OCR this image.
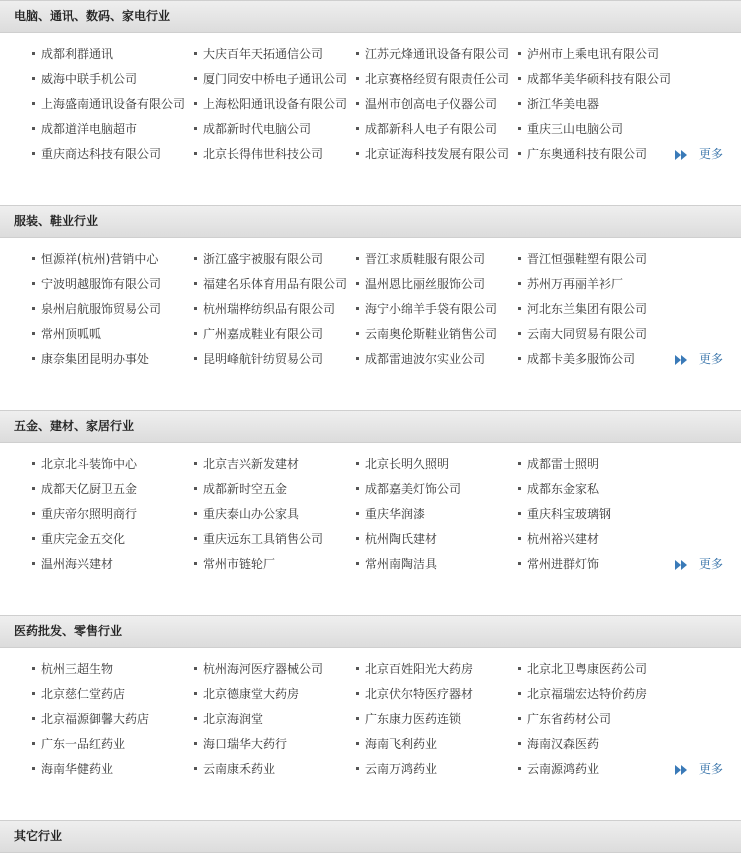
电脑、通讯、数码、家电行业
成都利群通讯	大庆百年天拓通信公司	江苏元烽通讯设备有限公司	泸州市上乘电讯有限公司
威海中联手机公司	厦门同安中桥电子通讯公司	北京赛格经贸有限责任公司	成都华美华硕科技有限公司
上海盛南通讯设备有限公司	上海松阳通讯设备有限公司	温州市创高电子仪器公司	浙江华美电器
成都道洋电脑超市	成都新时代电脑公司	成都新科人电子有限公司	重庆三山电脑公司
重庆商达科技有限公司	北京长得伟世科技公司	北京证海科技发展有限公司	广东奥通科技有限公司	更多
服装、鞋业行业
恒源祥(杭州)营销中心	浙江盛宇被服有限公司	晋江求质鞋服有限公司	晋江恒强鞋塑有限公司
宁波明越服饰有限公司	福建名乐体育用品有限公司	温州恩比丽丝服饰公司	苏州万再丽羊衫厂
泉州启航服饰贸易公司	杭州瑞桦纺织品有限公司	海宁小绵羊手袋有限公司	河北东兰集团有限公司
常州顶呱呱	广州嘉成鞋业有限公司	云南奥伦斯鞋业销售公司	云南大同贸易有限公司
康奈集团昆明办事处	昆明峰航针纺贸易公司	成都雷迪波尔实业公司	成都卡美多服饰公司	更多
五金、建材、家居行业
北京北斗装饰中心	北京吉兴新发建材	北京长明久照明	成都雷士照明
成都天亿厨卫五金	成都新时空五金	成都嘉美灯饰公司	成都东金家私
重庆帝尔照明商行	重庆泰山办公家具	重庆华润漆	重庆科宝玻璃钢
重庆完金五交化	重庆远东工具销售公司	杭州陶氏建材	杭州裕兴建材
温州海兴建材	常州市链轮厂	常州南陶洁具	常州进群灯饰	更多
医药批发、零售行业
杭州三超生物	杭州海河医疗器械公司	北京百姓阳光大药房	北京北卫粤康医药公司
北京慈仁堂药店	北京德康堂大药房	北京伏尔特医疗器材	北京福瑞宏达特价药房
北京福源御馨大药店	北京海润堂	广东康力医药连锁	广东省药材公司
广东一品红药业	海口瑞华大药行	海南飞利药业	海南汉森医药
海南华健药业	云南康禾药业	云南万鸿药业	云南源鸿药业	更多
其它行业
